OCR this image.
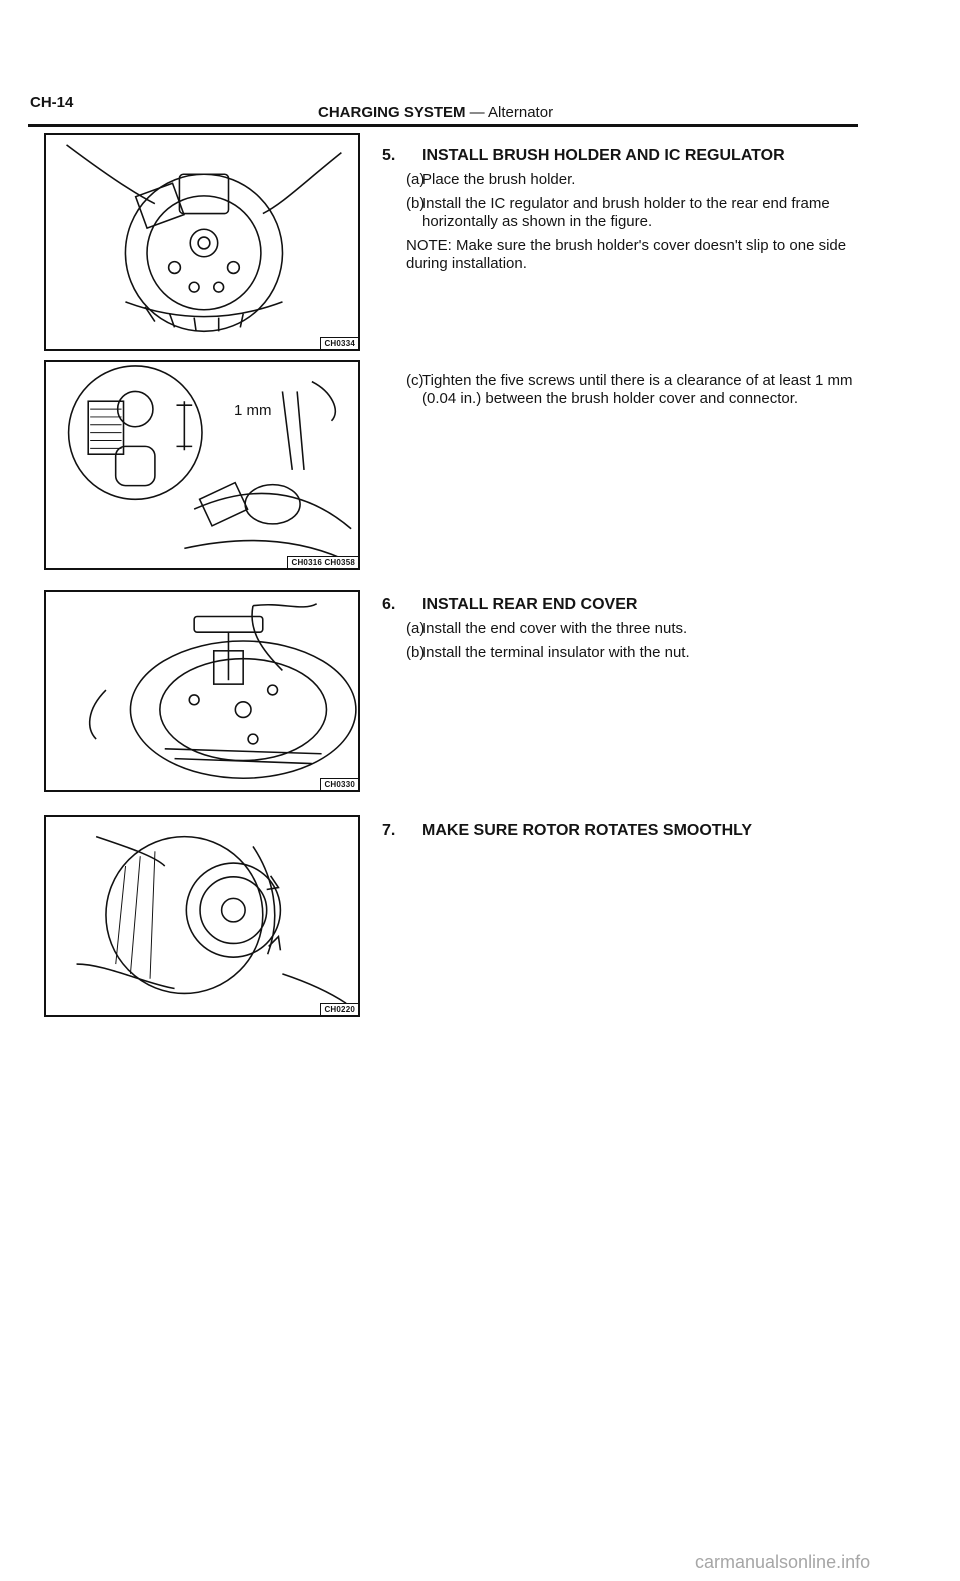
CH-14
CHARGING SYSTEM — Alternator
CH0334
1 mm
CH0316 CH0358
CH0330
CH0220
5. INSTALL BRUSH HOLDER AND IC REGULATOR
(a)
Place the brush holder.
(b)
Install the IC regulator and brush holder to the rear end frame horizontally as shown in the figure.
NOTE: Make sure the brush holder's cover doesn't slip to one side during installation.
(c)
Tighten the five screws until there is a clearance of at least 1 mm (0.04 in.) between the brush holder cover and connector.
6. INSTALL REAR END COVER
(a)
Install the end cover with the three nuts.
(b)
Install the terminal insulator with the nut.
7. MAKE SURE ROTOR ROTATES SMOOTHLY
carmanualsonline.info
